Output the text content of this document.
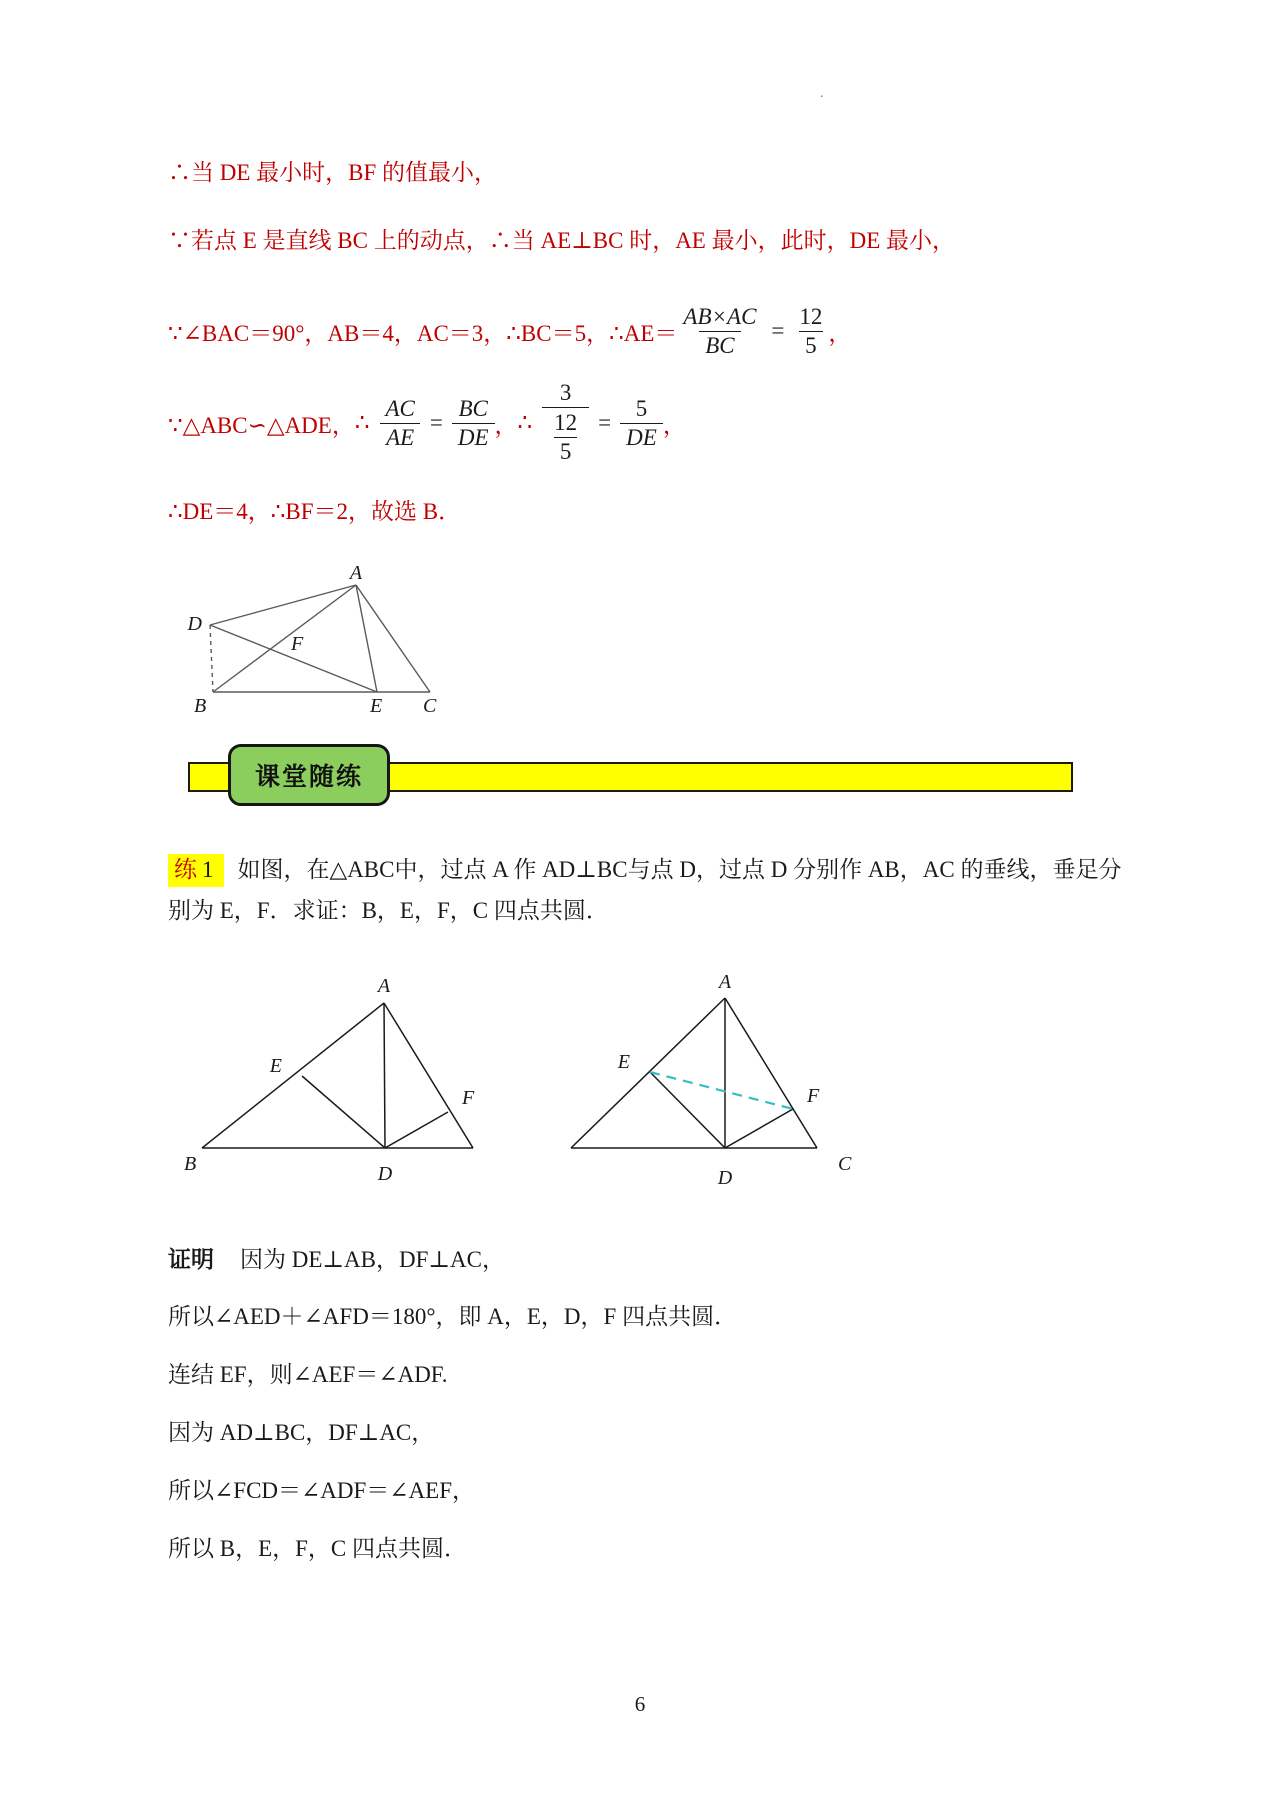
.
∴当 DE 最小时，BF 的值最小，
∵若点 E 是直线 BC 上的动点，∴当 AE⊥BC 时，AE 最小，此时，DE 最小，
∵∠BAC＝90°，AB＝4，AC＝3，∴BC＝5，∴AE＝ $\frac{AB\times AC}{BC} = \frac{12}{5}$ ，
∵△ABC∽△ADE， ∴ $\frac{AC}{AE} = \frac{BC}{DE}$ ， ∴ $\frac{3}{\frac{12}{5}} = \frac{5}{DE}$ ，
∴DE＝4，∴BF＝2，故选 B．
A
D
B	E C
F
课堂随练
练 1 如图，在△ABC中，过点 A 作 AD⊥BC与点 D，过点 D 分别作 AB，AC 的垂线，垂足分
别为 E，F．求证：B，E，F，C 四点共圆．
A
B	D
E
F
A
C
D
E
F
证明 因为 DE⊥AB，DF⊥AC，
所以∠AED＋∠AFD＝180°，即 A，E，D，F 四点共圆．
连结 EF，则∠AEF＝∠ADF.
因为 AD⊥BC，DF⊥AC，
所以∠FCD＝∠ADF＝∠AEF，
所以 B，E，F，C 四点共圆．
6
